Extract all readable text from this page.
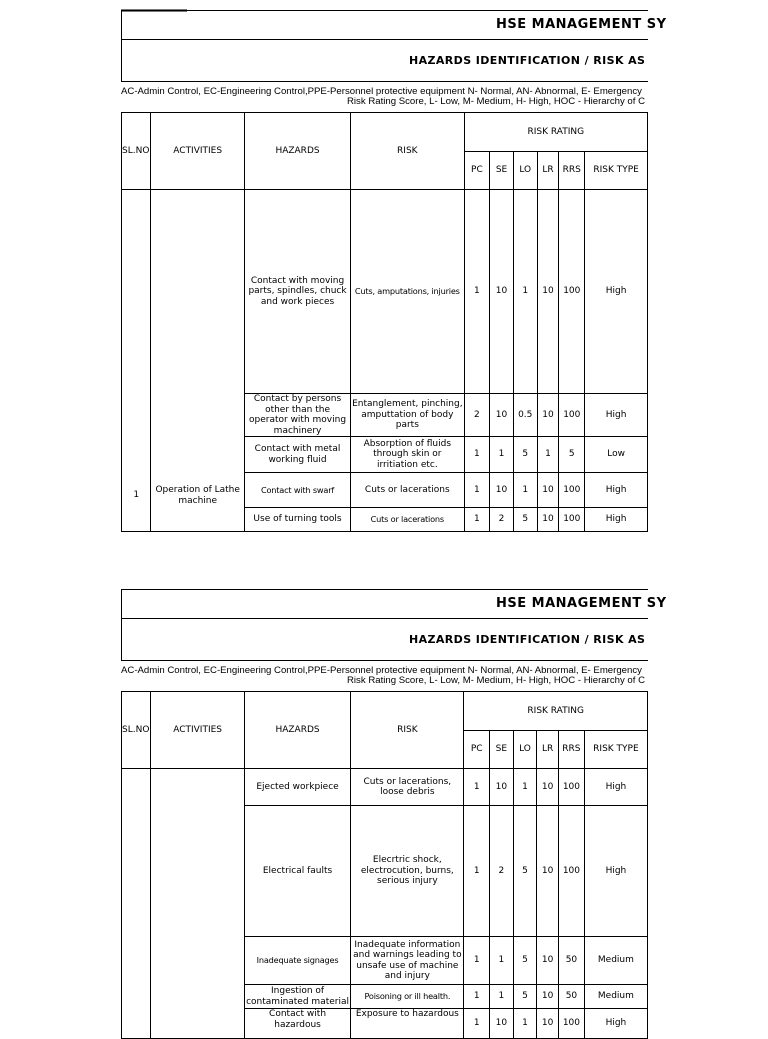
HSE MANAGEMENT SY
HAZARDS IDENTIFICATION / RISK AS
AC-Admin Control, EC-Engineering Control,PPE-Personnel protective equipment N- Normal, AN- Abnormal, E- Emergency
Risk Rating Score, L- Low, M- Medium, H- High, HOC - Hierarchy of C
SL.NO	ACTIVITIES	HAZARDS	RISK	RISK RATING					
				PC	SE	LO	LR	RRS	RISK TYPE
1	Operation of Lathe machine	Contact with moving parts, spindles, chuck and work pieces	Cuts, amputations, injuries	1	10	1	10	100	High
		Contact by persons other than the operator with moving machinery	Entanglement, pinching, amputtation of body parts	2	10	0.5	10	100	High
		Contact with metal working fluid	Absorption of fluids through skin or irritiation etc.	1	1	5	1	5	Low
		Contact with swarf	Cuts or lacerations	1	10	1	10	100	High
		Use of turning tools	Cuts or lacerations	1	2	5	10	100	High
HSE MANAGEMENT SY
HAZARDS IDENTIFICATION / RISK AS
AC-Admin Control, EC-Engineering Control,PPE-Personnel protective equipment N- Normal, AN- Abnormal, E- Emergency
Risk Rating Score, L- Low, M- Medium, H- High, HOC - Hierarchy of C
SL.NO	ACTIVITIES	HAZARDS	RISK	RISK RATING					
				PC	SE	LO	LR	RRS	RISK TYPE
		Ejected workpiece	Cuts or lacerations, loose debris	1	10	1	10	100	High
		Electrical faults	Elecrtric shock, electrocution, burns, serious injury	1	2	5	10	100	High
		Inadequate signages	Inadequate information and warnings leading to unsafe use of machine and injury	1	1	5	10	50	Medium
		Ingestion of contaminated material	Poisoning or ill health.	1	1	5	10	50	Medium
		Contact with hazardous	Exposure to hazardous	1	10	1	10	100	High
